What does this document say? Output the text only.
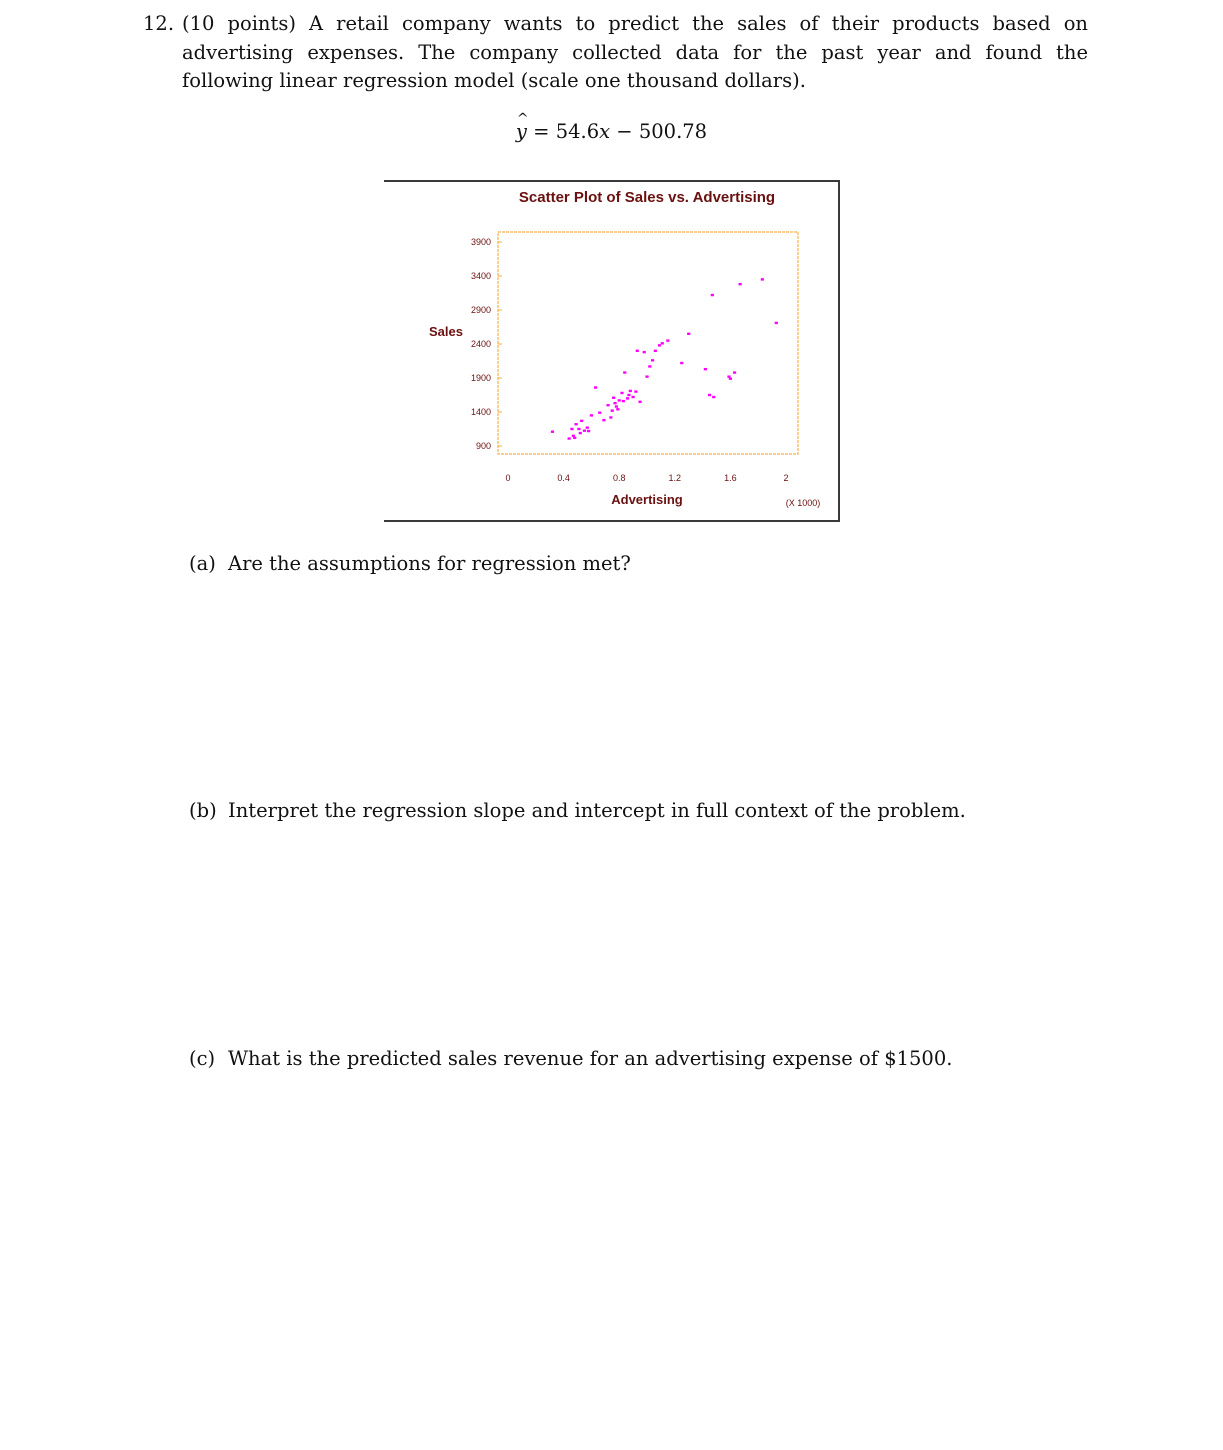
12. (10 points) A retail company wants to predict the sales of their products based on advertising expenses. The company collected data for the past year and found the following linear regression model (scale one thousand dollars).
^ y = 54.6x − 500.78
Scatter Plot of Sales vs. Advertising
Sales
Advertising	(X 1000)
900
1400
1900
2400
2900
3400
3900
0	0.4	0.8	1.2	1.6	2
(a) Are the assumptions for regression met?
(b) Interpret the regression slope and intercept in full context of the problem.
(c) What is the predicted sales revenue for an advertising expense of $1500.
